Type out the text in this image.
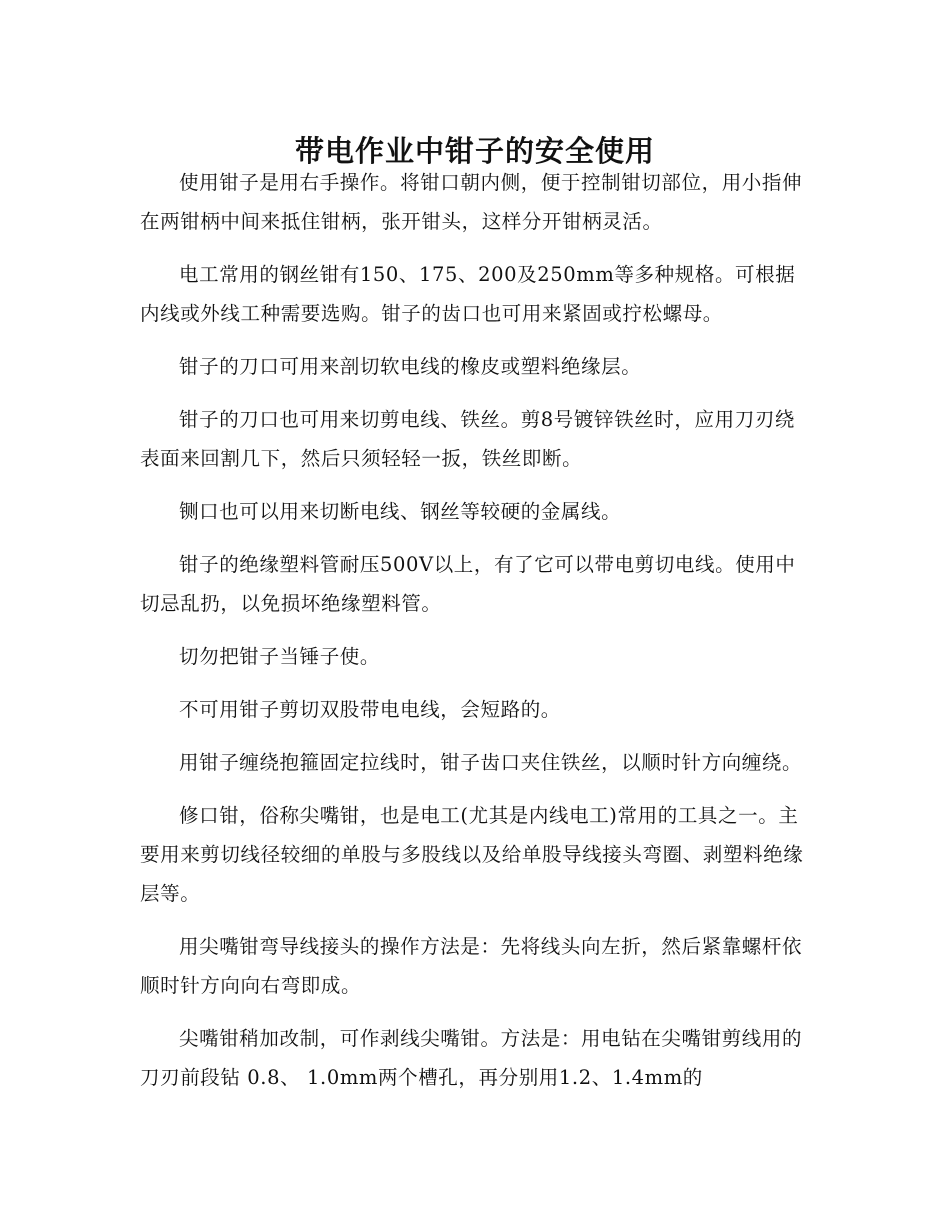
带电作业中钳子的安全使用

使用钳子是用右手操作。将钳口朝内侧，便于控制钳切部位，用小指伸在两钳柄中间来抵住钳柄，张开钳头，这样分开钳柄灵活。

电工常用的钢丝钳有150、175、200及250mm等多种规格。可根据内线或外线工种需要选购。钳子的齿口也可用来紧固或拧松螺母。

钳子的刀口可用来剖切软电线的橡皮或塑料绝缘层。

钳子的刀口也可用来切剪电线、铁丝。剪8号镀锌铁丝时，应用刀刃绕表面来回割几下，然后只须轻轻一扳，铁丝即断。

铡口也可以用来切断电线、钢丝等较硬的金属线。

钳子的绝缘塑料管耐压500V以上，有了它可以带电剪切电线。使用中切忌乱扔，以免损坏绝缘塑料管。

切勿把钳子当锤子使。

不可用钳子剪切双股带电电线，会短路的。

用钳子缠绕抱箍固定拉线时，钳子齿口夹住铁丝，以顺时针方向缠绕。

修口钳，俗称尖嘴钳，也是电工(尤其是内线电工)常用的工具之一。主要用来剪切线径较细的单股与多股线以及给单股导线接头弯圈、剥塑料绝缘层等。

用尖嘴钳弯导线接头的操作方法是：先将线头向左折，然后紧靠螺杆依顺时针方向向右弯即成。

尖嘴钳稍加改制，可作剥线尖嘴钳。方法是：用电钻在尖嘴钳剪线用的刀刃前段钻 0.8、 1.0mm两个槽孔，再分别用1.2、1.4mm的
